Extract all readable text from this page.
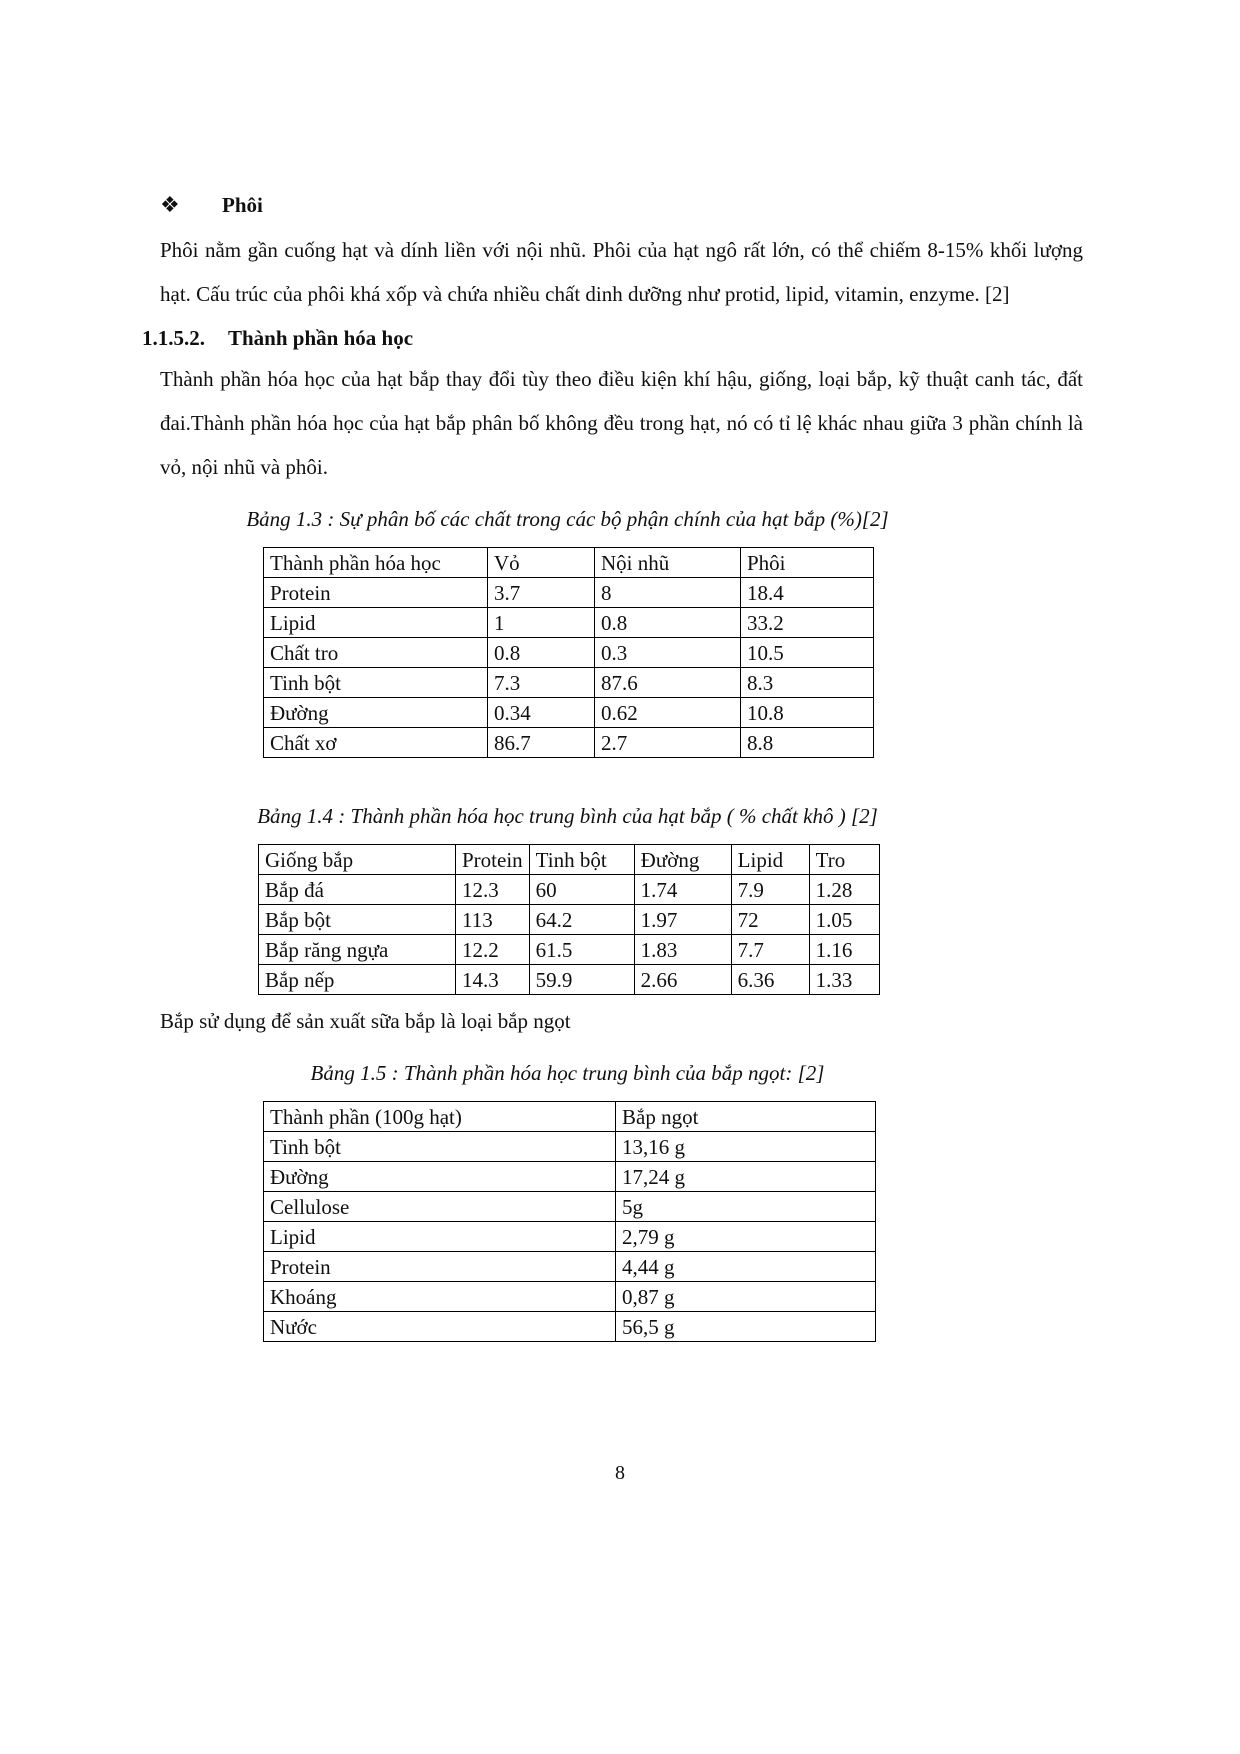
❖	Phôi

Phôi nằm gần cuống hạt và dính liền với nội nhũ. Phôi của hạt ngô rất lớn, có thể chiếm 8-15% khối lượng hạt. Cấu trúc của phôi khá xốp và chứa nhiều chất dinh dưỡng như protid, lipid, vitamin, enzyme. [2]

1.1.5.2.	Thành phần hóa học

Thành phần hóa học của hạt bắp thay đổi tùy theo điều kiện khí hậu, giống, loại bắp, kỹ thuật canh tác, đất đai.Thành phần hóa học của hạt bắp phân bố không đều trong hạt, nó có tỉ lệ khác nhau giữa 3 phần chính là vỏ, nội nhũ và phôi.

Bảng 1.3 : Sự phân bố các chất trong các bộ phận chính của hạt bắp (%)[2]

Thành phần hóa học	Vỏ	Nội nhũ	Phôi
Protein	3.7	8	18.4
Lipid	1	0.8	33.2
Chất tro	0.8	0.3	10.5
Tinh bột	7.3	87.6	8.3
Đường	0.34	0.62	10.8
Chất xơ	86.7	2.7	8.8

Bảng 1.4 : Thành phần hóa học trung bình của hạt bắp ( % chất khô ) [2]

Giống bắp	Protein	Tinh bột	Đường	Lipid	Tro
Bắp đá	12.3	60	1.74	7.9	1.28
Bắp bột	113	64.2	1.97	72	1.05
Bắp răng ngựa	12.2	61.5	1.83	7.7	1.16
Bắp nếp	14.3	59.9	2.66	6.36	1.33

Bắp sử dụng để sản xuất sữa bắp là loại bắp ngọt

Bảng 1.5 : Thành phần hóa học trung bình của bắp ngọt: [2]

Thành phần (100g hạt)	Bắp ngọt
Tinh bột	13,16 g
Đường	17,24 g
Cellulose	5g
Lipid	2,79 g
Protein	4,44 g
Khoáng	0,87 g
Nước	56,5 g
8
